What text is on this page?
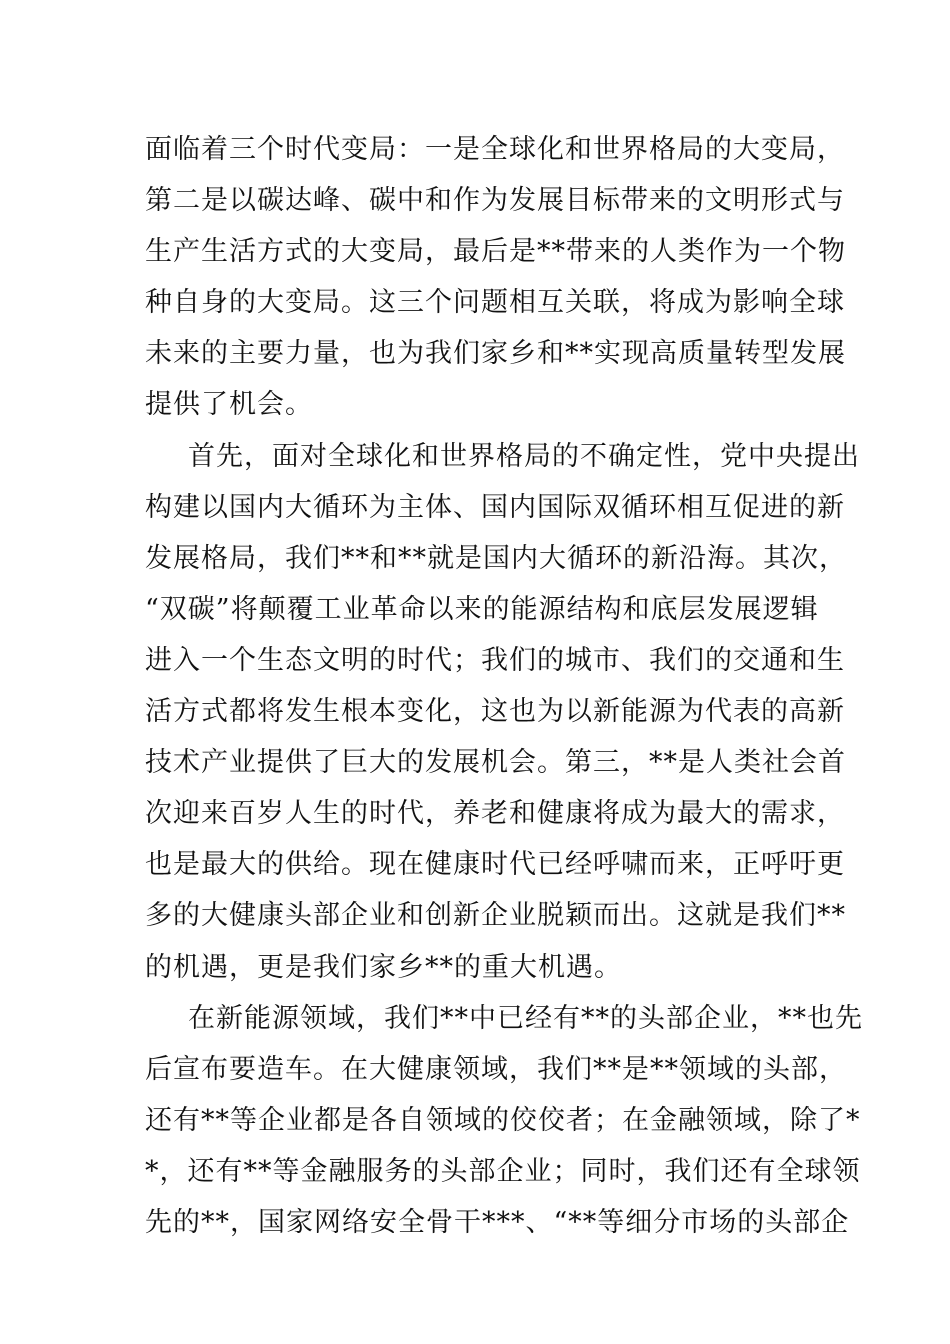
面临着三个时代变局：一是全球化和世界格局的大变局，
第二是以碳达峰、碳中和作为发展目标带来的文明形式与
生产生活方式的大变局，最后是**带来的人类作为一个物
种自身的大变局。这三个问题相互关联，将成为影响全球
未来的主要力量，也为我们家乡和**实现高质量转型发展
提供了机会。
首先，面对全球化和世界格局的不确定性，党中央提出
构建以国内大循环为主体、国内国际双循环相互促进的新
发展格局，我们**和**就是国内大循环的新沿海。其次，
“双碳”将颠覆工业革命以来的能源结构和底层发展逻辑
进入一个生态文明的时代；我们的城市、我们的交通和生
活方式都将发生根本变化，这也为以新能源为代表的高新
技术产业提供了巨大的发展机会。第三，**是人类社会首
次迎来百岁人生的时代，养老和健康将成为最大的需求，
也是最大的供给。现在健康时代已经呼啸而来，正呼吁更
多的大健康头部企业和创新企业脱颖而出。这就是我们**
的机遇，更是我们家乡**的重大机遇。
在新能源领域，我们**中已经有**的头部企业，**也先
后宣布要造车。在大健康领域，我们**是**领域的头部，
还有**等企业都是各自领域的佼佼者；在金融领域，除了*
*，还有**等金融服务的头部企业；同时，我们还有全球领
先的**，国家网络安全骨干***、“**等细分市场的头部企
